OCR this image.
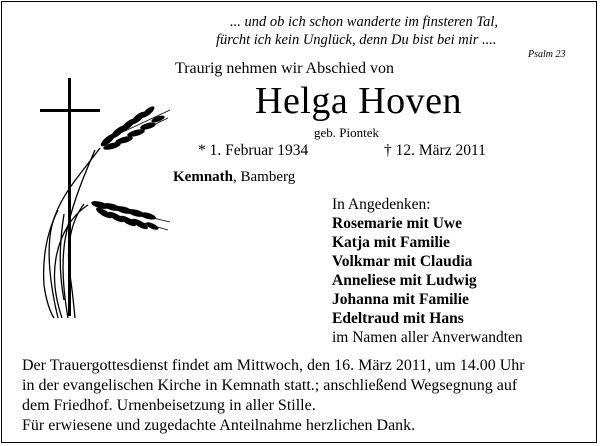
... und ob ich schon wanderte im finsteren Tal,
fürcht ich kein Unglück, denn Du bist bei mir ....
Psalm 23
Traurig nehmen wir Abschied von
Helga Hoven
geb. Piontek
* 1. Februar 1934	† 12. März 2011
Kemnath, Bamberg
In Angedenken:
Rosemarie mit Uwe
Katja mit Familie
Volkmar mit Claudia
Anneliese mit Ludwig
Johanna mit Familie
Edeltraud mit Hans
im Namen aller Anverwandten
Der Trauergottesdienst findet am Mittwoch, den 16. März 2011, um 14.00 Uhr
in der evangelischen Kirche in Kemnath statt.; anschließend Wegsegnung auf
dem Friedhof. Urnenbeisetzung in aller Stille.
Für erwiesene und zugedachte Anteilnahme herzlichen Dank.
